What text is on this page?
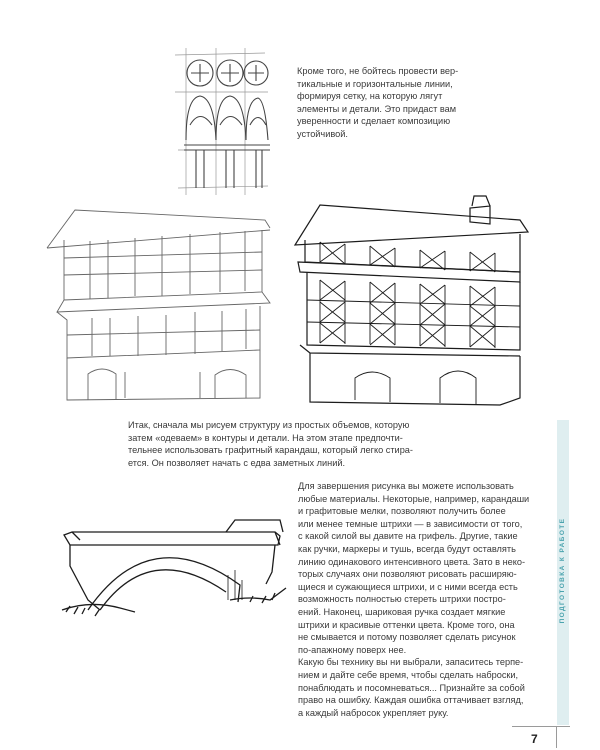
Кроме того, не бойтесь провести вер-
тикальные и горизонтальные линии,
формируя сетку, на которую лягут
элементы и детали. Это придаст вам
уверенности и сделает композицию
устойчивой.
Итак, сначала мы рисуем структуру из простых объемов, которую
затем «одеваем» в контуры и детали. На этом этапе предпочти-
тельнее использовать графитный карандаш, который легко стира-
ется. Он позволяет начать с едва заметных линий.
Для завершения рисунка вы можете использовать
любые материалы. Некоторые, например, карандаши
и графитовые мелки, позволяют получить более
или менее темные штрихи — в зависимости от того,
с какой силой вы давите на грифель. Другие, такие
как ручки, маркеры и тушь, всегда будут оставлять
линию одинакового интенсивного цвета. Зато в неко-
торых случаях они позволяют рисовать расширяю-
щиеся и сужающиеся штрихи, и с ними всегда есть
возможность полностью стереть штрихи постро-
ений. Наконец, шариковая ручка создает мягкие
штрихи и красивые оттенки цвета. Кроме того, она
не смывается и потому позволяет сделать рисунок
по-апажному поверх нее.
Какую бы технику вы ни выбрали, запаситесь терпе-
нием и дайте себе время, чтобы сделать наброски,
понаблюдать и посомневаться... Признайте за собой
право на ошибку. Каждая ошибка оттачивает взгляд,
а каждый набросок укрепляет руку.
ПОДГОТОВКА К РАБОТЕ
7
